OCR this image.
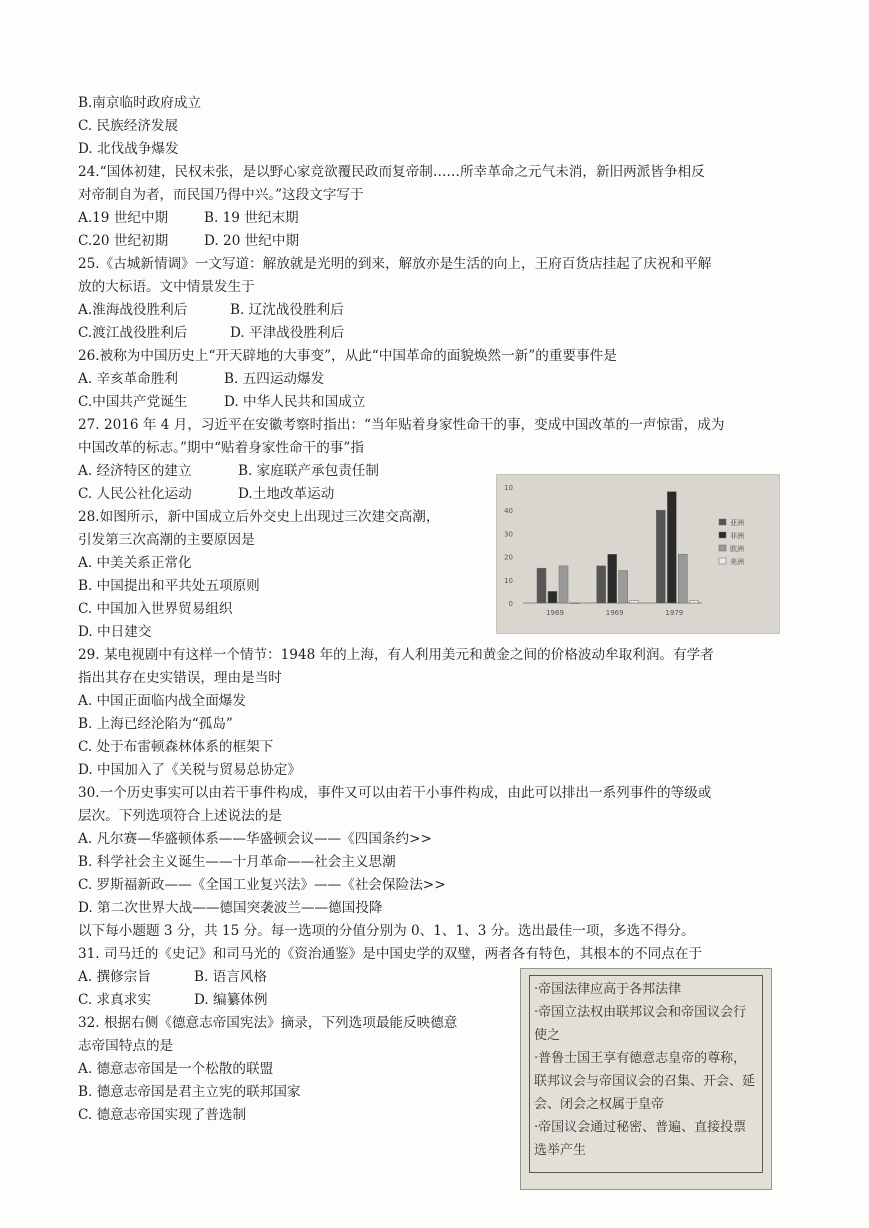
B.南京临时政府成立
C. 民族经济发展
D. 北伐战争爆发
24.“国体初建，民权未张，是以野心家竞欲覆民政而复帝制……所幸革命之元气未消，新旧两派皆争相反
对帝制自为者，而民国乃得中兴。”这段文字写于
A.19 世纪中期	B. 19 世纪末期
C.20 世纪初期	D. 20 世纪中期
25.《古城新情调》一文写道：解放就是光明的到来，解放亦是生活的向上，王府百货店挂起了庆祝和平解
放的大标语。文中情景发生于
A.淮海战役胜利后	B. 辽沈战役胜利后
C.渡江战役胜利后	D. 平津战役胜利后
26.被称为中国历史上“开天辟地的大事变”，从此“中国革命的面貌焕然一新”的重要事件是
A. 辛亥革命胜利	B. 五四运动爆发
C.中国共产党诞生	D. 中华人民共和国成立
27. 2016 年 4 月，习近平在安徽考察时指出：“当年贴着身家性命干的事，变成中国改革的一声惊雷，成为
中国改革的标志。”期中“贴着身家性命干的事”指
A. 经济特区的建立	B. 家庭联产承包责任制
C. 人民公社化运动	D.土地改革运动
28.如图所示，新中国成立后外交史上出现过三次建交高潮，
引发第三次高潮的主要原因是
A. 中美关系正常化
B. 中国提出和平共处五项原则
C. 中国加入世界贸易组织
D. 中日建交
0
10
20
30
40
10
1969	1969	1979
亚洲
非洲
欧洲
美洲
29. 某电视剧中有这样一个情节：1948 年的上海，有人利用美元和黄金之间的价格波动牟取利润。有学者
指出其存在史实错误，理由是当时
A. 中国正面临内战全面爆发
B. 上海已经沦陷为“孤岛”
C. 处于布雷顿森林体系的框架下
D. 中国加入了《关税与贸易总协定》
30.一个历史事实可以由若干事件构成，事件又可以由若干小事件构成，由此可以排出一系列事件的等级或
层次。下列选项符合上述说法的是
A. 凡尔赛—华盛顿体系——华盛顿会议——《四国条约>>
B. 科学社会主义诞生——十月革命——社会主义思潮
C. 罗斯福新政——《全国工业复兴法》——《社会保险法>>
D. 第二次世界大战——德国突袭波兰——德国投降
以下每小题题 3 分，共 15 分。每一选项的分值分别为 0、1、1、3 分。选出最佳一项，多选不得分。
31. 司马迁的《史记》和司马光的《资治通鉴》是中国史学的双璧，两者各有特色，其根本的不同点在于
A. 撰修宗旨	B. 语言风格
C. 求真求实	D. 编纂体例
32. 根据右侧《德意志帝国宪法》摘录，下列选项最能反映德意
志帝国特点的是
A. 德意志帝国是一个松散的联盟
B. 德意志帝国是君主立宪的联邦国家
C. 德意志帝国实现了普选制

·帝国法律应高于各邦法律

·帝国立法权由联邦议会和帝国议会行使之

·普鲁士国王享有德意志皇帝的尊称，联邦议会与帝国议会的召集、开会、延会、闭会之权属于皇帝

·帝国议会通过秘密、普遍、直接投票选举产生
